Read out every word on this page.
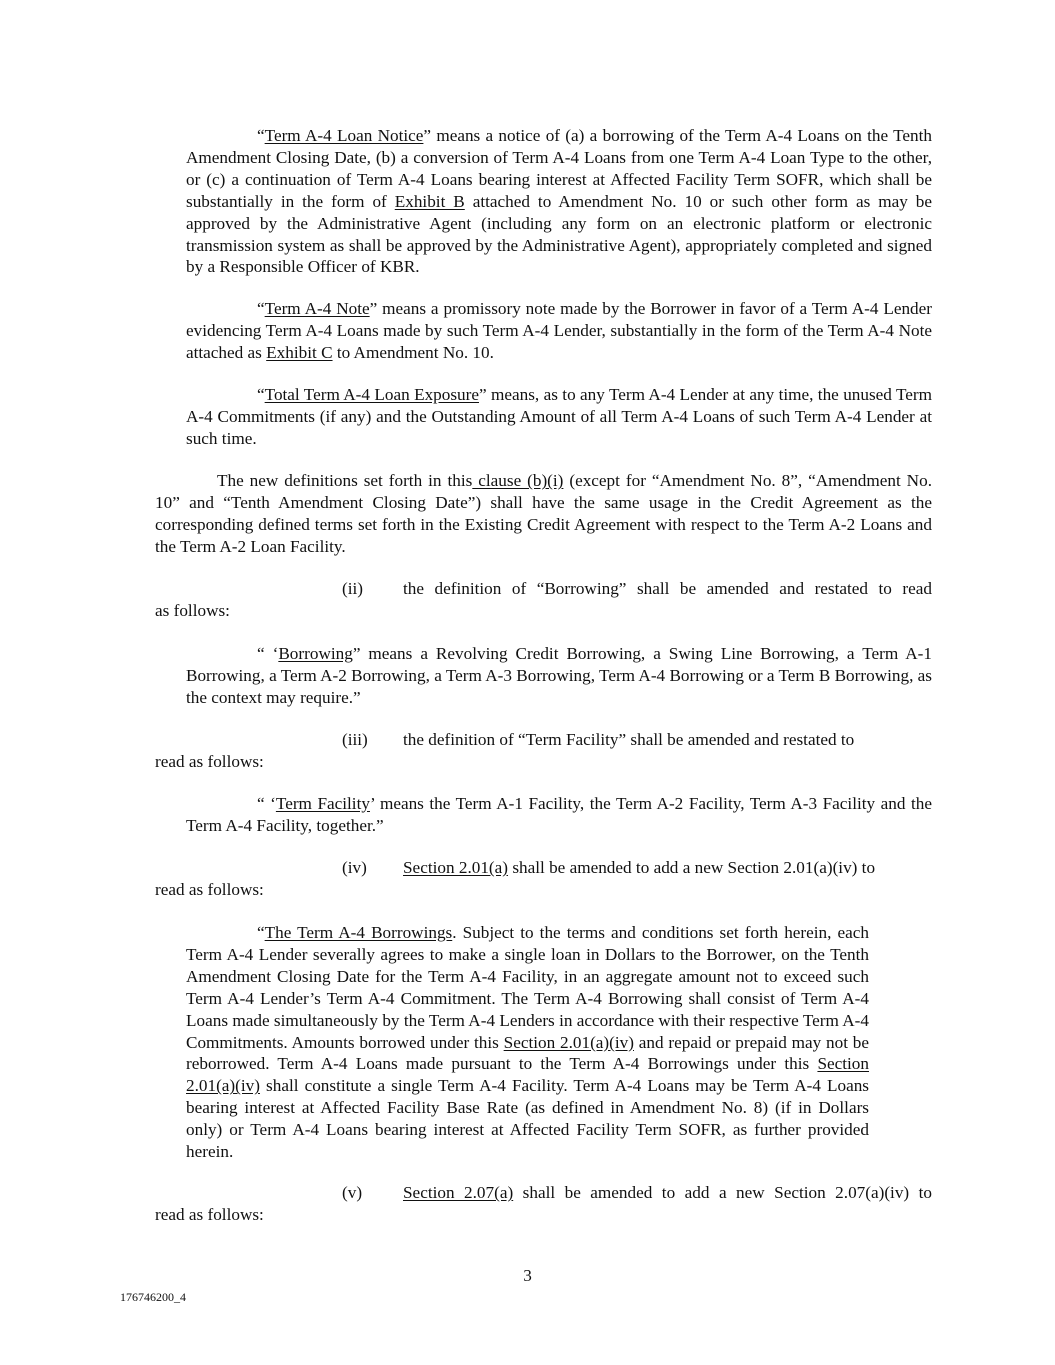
“Term A-4 Loan Notice” means a notice of (a) a borrowing of the Term A-4 Loans on the Tenth Amendment Closing Date, (b) a conversion of Term A-4 Loans from one Term A-4 Loan Type to the other, or (c) a continuation of Term A-4 Loans bearing interest at Affected Facility Term SOFR, which shall be substantially in the form of Exhibit B attached to Amendment No. 10 or such other form as may be approved by the Administrative Agent (including any form on an electronic platform or electronic transmission system as shall be approved by the Administrative Agent), appropriately completed and signed by a Responsible Officer of KBR.

“Term A-4 Note” means a promissory note made by the Borrower in favor of a Term A-4 Lender evidencing Term A-4 Loans made by such Term A-4 Lender, substantially in the form of the Term A-4 Note attached as Exhibit C to Amendment No. 10.

“Total Term A-4 Loan Exposure” means, as to any Term A-4 Lender at any time, the unused Term A-4 Commitments (if any) and the Outstanding Amount of all Term A-4 Loans of such Term A-4 Lender at such time.

The new definitions set forth in this clause (b)(i) (except for “Amendment No. 8”, “Amendment No. 10” and “Tenth Amendment Closing Date”) shall have the same usage in the Credit Agreement as the corresponding defined terms set forth in the Existing Credit Agreement with respect to the Term A-2 Loans and the Term A-2 Loan Facility.

(ii) the definition of “Borrowing” shall be amended and restated to read
as follows:

“ ‘Borrowing” means a Revolving Credit Borrowing, a Swing Line Borrowing, a Term A-1 Borrowing, a Term A-2 Borrowing, a Term A-3 Borrowing, Term A-4 Borrowing or a Term B Borrowing, as the context may require.”

(iii) the definition of “Term Facility” shall be amended and restated to
read as follows:

“ ‘Term Facility’ means the Term A-1 Facility, the Term A-2 Facility, Term A-3 Facility and the Term A-4 Facility, together.”

(iv) Section 2.01(a) shall be amended to add a new Section 2.01(a)(iv) to
read as follows:

“The Term A-4 Borrowings. Subject to the terms and conditions set forth herein, each Term A-4 Lender severally agrees to make a single loan in Dollars to the Borrower, on the Tenth Amendment Closing Date for the Term A-4 Facility, in an aggregate amount not to exceed such Term A-4 Lender’s Term A-4 Commitment. The Term A-4 Borrowing shall consist of Term A-4 Loans made simultaneously by the Term A-4 Lenders in accordance with their respective Term A-4 Commitments. Amounts borrowed under this Section 2.01(a)(iv) and repaid or prepaid may not be reborrowed. Term A-4 Loans made pursuant to the Term A-4 Borrowings under this Section 2.01(a)(iv) shall constitute a single Term A-4 Facility. Term A-4 Loans may be Term A-4 Loans bearing interest at Affected Facility Base Rate (as defined in Amendment No. 8) (if in Dollars only) or Term A-4 Loans bearing interest at Affected Facility Term SOFR, as further provided herein.

(v) Section 2.07(a) shall be amended to add a new Section 2.07(a)(iv) to
read as follows:
3
176746200_4
